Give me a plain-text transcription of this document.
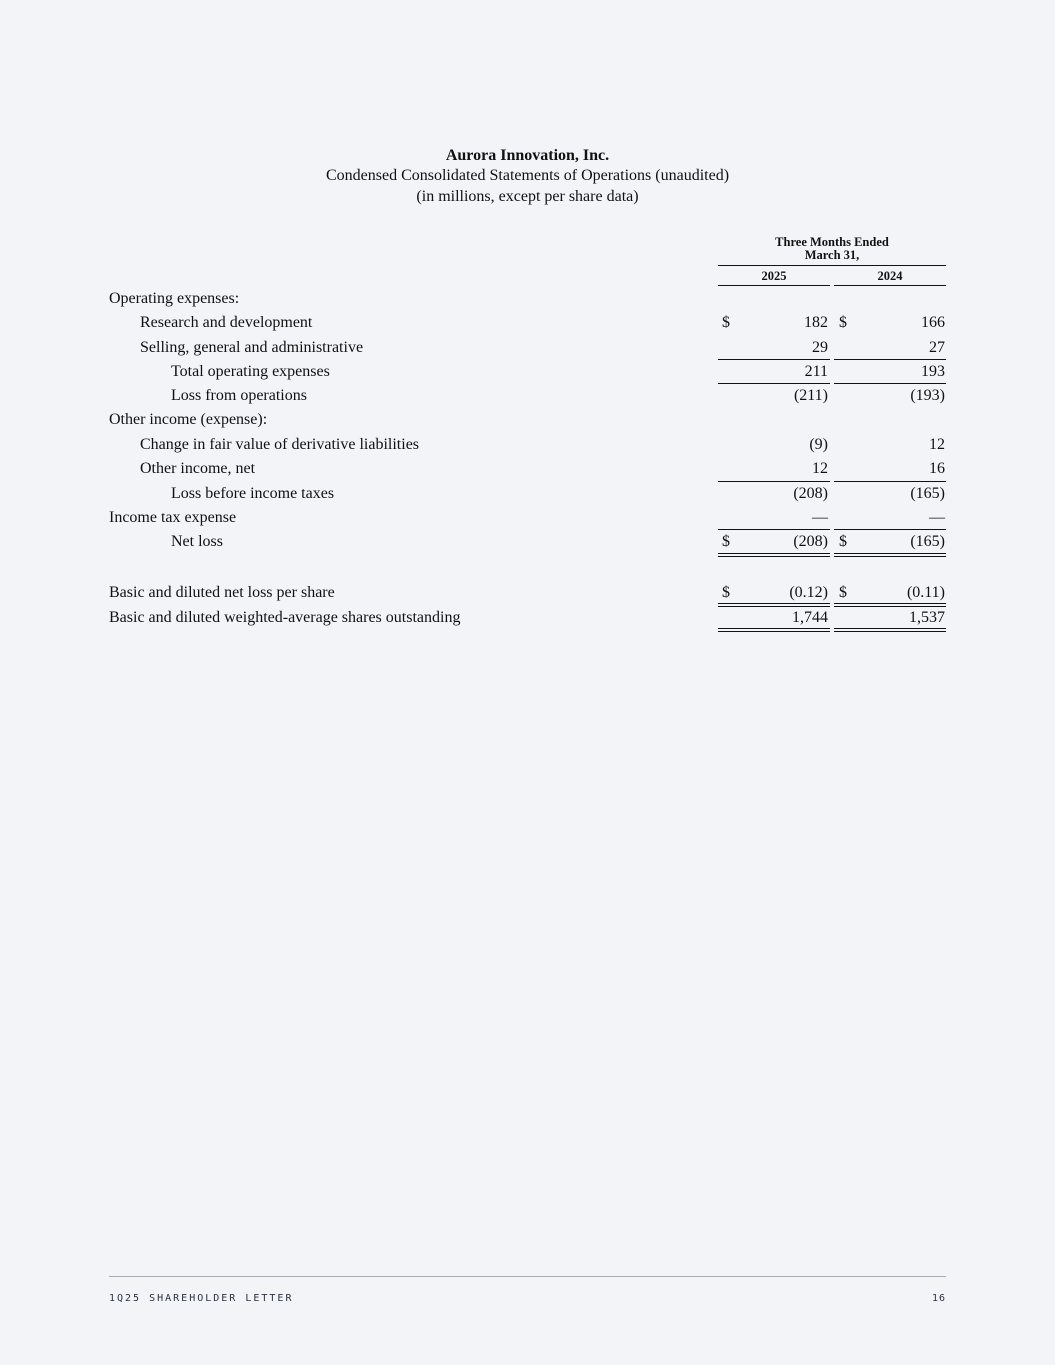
Aurora Innovation, Inc.
Condensed Consolidated Statements of Operations (unaudited)
(in millions, except per share data)
Three Months Ended
March 31,
2025	2024
Operating expenses:
Research and development	$	182 $	166
Selling, general and administrative	29	27
Total operating expenses	211	193
Loss from operations	(211)	(193)
Other income (expense):
Change in fair value of derivative liabilities	(9)	12
Other income, net	12	16
Loss before income taxes	(208)	(165)
Income tax expense	—	—
Net loss	$	(208) $	(165)
Basic and diluted net loss per share	$	(0.12) $	(0.11)
Basic and diluted weighted-average shares outstanding	1,744	1,537
1Q25 SHAREHOLDER LETTER	16
